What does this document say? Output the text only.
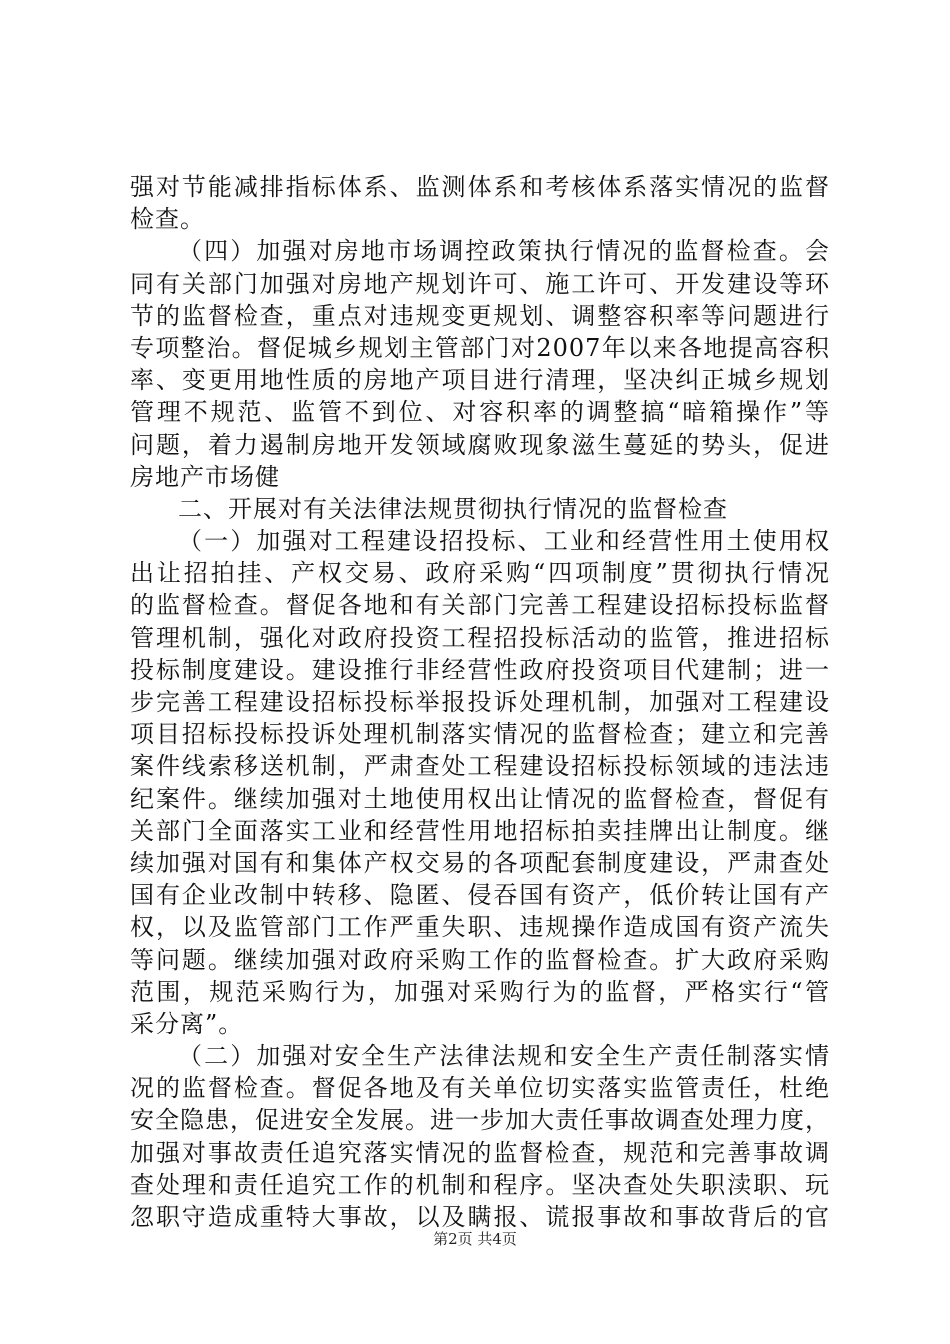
强对节能减排指标体系、监测体系和考核体系落实情况的监督
检查。
（四）加强对房地市场调控政策执行情况的监督检查。会
同有关部门加强对房地产规划许可、施工许可、开发建设等环
节的监督检查，重点对违规变更规划、调整容积率等问题进行
专项整治。督促城乡规划主管部门对2007年以来各地提高容积
率、变更用地性质的房地产项目进行清理，坚决纠正城乡规划
管理不规范、监管不到位、对容积率的调整搞“暗箱操作”等
问题，着力遏制房地开发领域腐败现象滋生蔓延的势头，促进
房地产市场健
二、开展对有关法律法规贯彻执行情况的监督检查
（一）加强对工程建设招投标、工业和经营性用土使用权
出让招拍挂、产权交易、政府采购“四项制度”贯彻执行情况
的监督检查。督促各地和有关部门完善工程建设招标投标监督
管理机制，强化对政府投资工程招投标活动的监管，推进招标
投标制度建设。建设推行非经营性政府投资项目代建制；进一
步完善工程建设招标投标举报投诉处理机制，加强对工程建设
项目招标投标投诉处理机制落实情况的监督检查；建立和完善
案件线索移送机制，严肃查处工程建设招标投标领域的违法违
纪案件。继续加强对土地使用权出让情况的监督检查，督促有
关部门全面落实工业和经营性用地招标拍卖挂牌出让制度。继
续加强对国有和集体产权交易的各项配套制度建设，严肃查处
国有企业改制中转移、隐匿、侵吞国有资产，低价转让国有产
权，以及监管部门工作严重失职、违规操作造成国有资产流失
等问题。继续加强对政府采购工作的监督检查。扩大政府采购
范围，规范采购行为，加强对采购行为的监督，严格实行“管
采分离”。
（二）加强对安全生产法律法规和安全生产责任制落实情
况的监督检查。督促各地及有关单位切实落实监管责任，杜绝
安全隐患，促进安全发展。进一步加大责任事故调查处理力度，
加强对事故责任追究落实情况的监督检查，规范和完善事故调
查处理和责任追究工作的机制和程序。坚决查处失职渎职、玩
忽职守造成重特大事故，以及瞒报、谎报事故和事故背后的官
第2页 共4页
